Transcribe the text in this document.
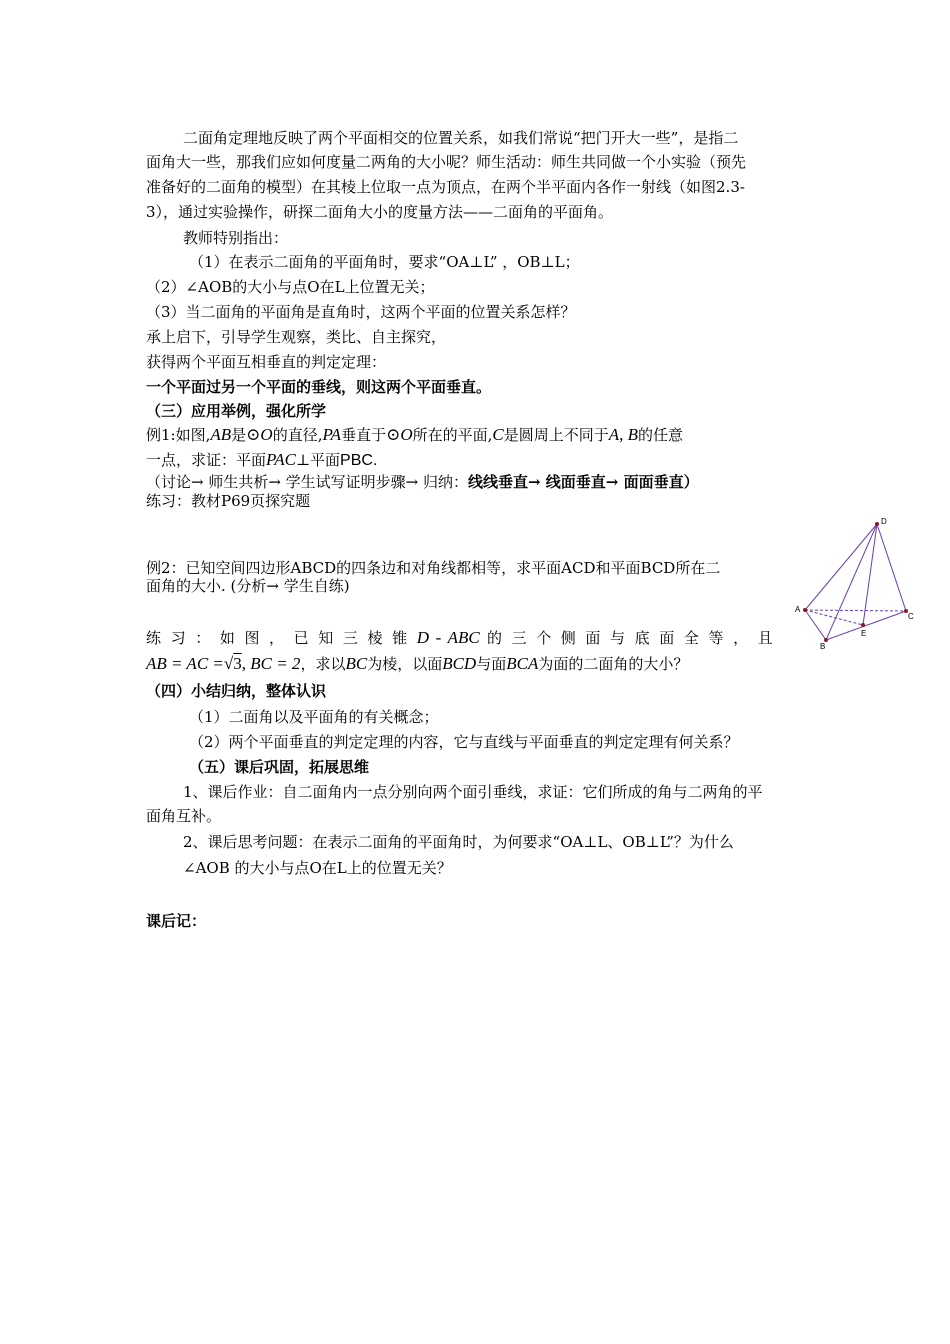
二面角定理地反映了两个平面相交的位置关系，如我们常说“把门开大一些”，是指二
面角大一些，那我们应如何度量二两角的大小呢？师生活动：师生共同做一个小实验（预先
准备好的二面角的模型）在其棱上位取一点为顶点，在两个半平面内各作一射线（如图2.3-
3），通过实验操作，研探二面角大小的度量方法——二面角的平面角。
教师特别指出：
（1）在表示二面角的平面角时，要求“OA⊥L” ，OB⊥L；
（2）∠AOB的大小与点O在L上位置无关；
（3）当二面角的平面角是直角时，这两个平面的位置关系怎样？
承上启下，引导学生观察，类比、自主探究，
获得两个平面互相垂直的判定定理：
一个平面过另一个平面的垂线，则这两个平面垂直。
（三）应用举例，强化所学
例1:如图,AB是⊙O的直径,PA垂直于⊙O所在的平面,C是圆周上不同于A, B的任意
一点，求证：平面PAC⊥平面PBC.
（讨论→ 师生共析→ 学生试写证明步骤→ 归纳：线线垂直→ 线面垂直→ 面面垂直）
练习：教材P69页探究题
例2：已知空间四边形ABCD的四条边和对角线都相等，求平面ACD和平面BCD所在二
面角的大小. (分析→ 学生自练)
练 习 ： 如 图 ， 已 知 三 棱 锥 D - ABC 的 三 个 侧 面 与 底 面 全 等 ， 且
AB = AC =√3, BC = 2，求以BC为棱，以面BCD与面BCA为面的二面角的大小？
（四）小结归纳，整体认识
（1）二面角以及平面角的有关概念；
（2）两个平面垂直的判定定理的内容，它与直线与平面垂直的判定定理有何关系？
（五）课后巩固，拓展思维
1、课后作业：自二面角内一点分别向两个面引垂线，求证：它们所成的角与二两角的平
面角互补。
2、课后思考问题：在表示二面角的平面角时，为何要求“OA⊥L、OB⊥L”？为什么
∠AOB 的大小与点O在L上的位置无关？
课后记：
D
A
B
C
E
